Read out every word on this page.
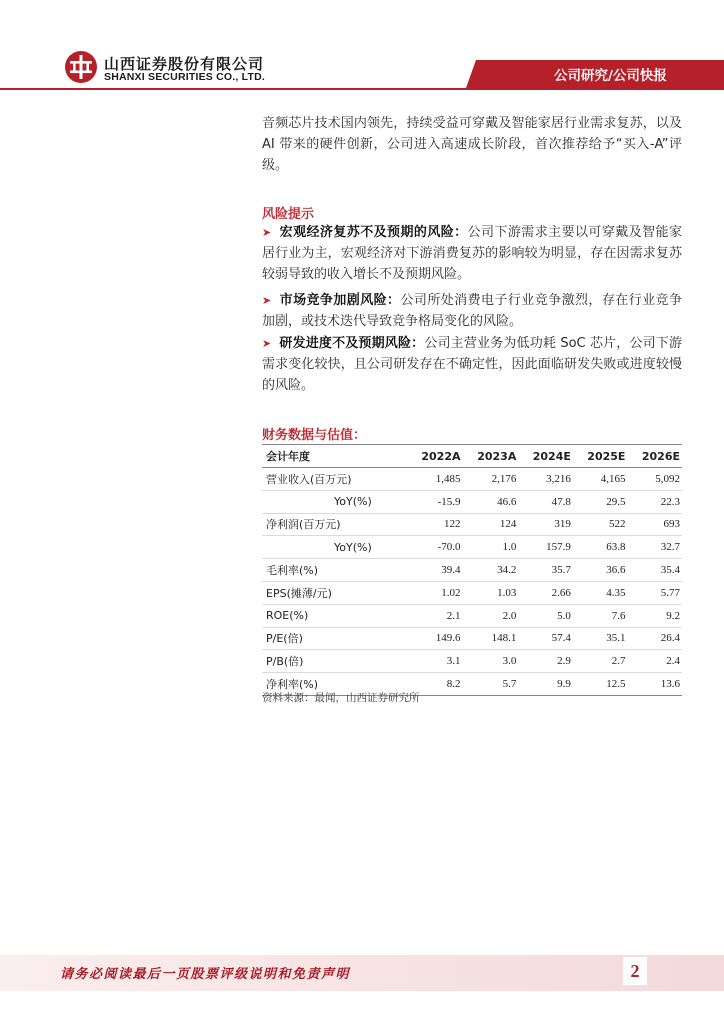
山西证券股份有限公司
SHANXI SECURITIES CO., LTD.	公司研究/公司快报
音频芯片技术国内领先，持续受益可穿戴及智能家居行业需求复苏，以及 AI 带来的硬件创新，公司进入高速成长阶段，首次推荐给予“买入-A”评级。
风险提示
➤ 宏观经济复苏不及预期的风险：公司下游需求主要以可穿戴及智能家居行业为主，宏观经济对下游消费复苏的影响较为明显，存在因需求复苏较弱导致的收入增长不及预期风险。
➤ 市场竞争加剧风险：公司所处消费电子行业竞争激烈，存在行业竞争加剧，或技术迭代导致竞争格局变化的风险。
➤ 研发进度不及预期风险：公司主营业务为低功耗 SoC 芯片，公司下游需求变化较快，且公司研发存在不确定性，因此面临研发失败或进度较慢的风险。
财务数据与估值：
会计年度	2022A	2023A	2024E	2025E	2026E
营业收入(百万元)	1,485	2,176	3,216	4,165	5,092
YoY(%)	-15.9	46.6	47.8	29.5	22.3
净利润(百万元)	122	124	319	522	693
YoY(%)	-70.0	1.0	157.9	63.8	32.7
毛利率(%)	39.4	34.2	35.7	36.6	35.4
EPS(摊薄/元)	1.02	1.03	2.66	4.35	5.77
ROE(%)	2.1	2.0	5.0	7.6	9.2
P/E(倍)	149.6	148.1	57.4	35.1	26.4
P/B(倍)	3.1	3.0	2.9	2.7	2.4
净利率(%)	8.2	5.7	9.9	12.5	13.6
资料来源：最闻，山西证券研究所
请务必阅读最后一页股票评级说明和免责声明	2
